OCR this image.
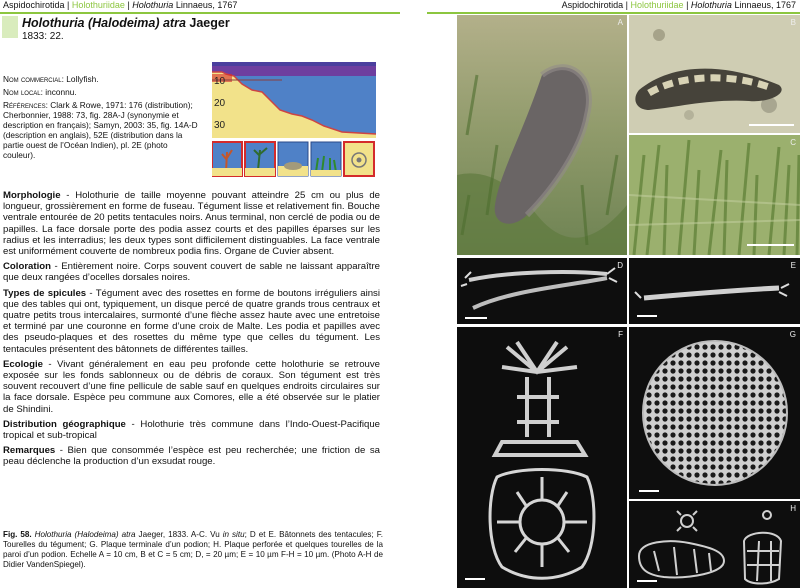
Aspidochirotida | Holothuriidae | Holothuria Linnaeus, 1767
Holothuria (Halodeima) atra Jaeger
1833: 22.

Nom commercial: Lollyfish.

Nom local: inconnu.

Références: Clark & Rowe, 1971: 176 (distribution); Cherbonnier, 1988: 73, fig. 28A-J (synonymie et description en français); Samyn, 2003: 35, fig. 14A-D (description en anglais), 52E (distribution dans la partie ouest de l’Océan Indien), pl. 2E (photo couleur).

10
20
30

Morphologie - Holothurie de taille moyenne pouvant atteindre 25 cm ou plus de longueur, grossièrement en forme de fuseau. Tégument lisse et relativement fin. Bouche ventrale entourée de 20 petits tentacules noirs. Anus terminal, non cerclé de podia ou de papilles. La face dorsale porte des podia assez courts et des papilles éparses sur les radius et les interradius; les deux types sont difficilement distinguables. La face ventrale est uniformément couverte de nombreux podia fins. Organe de Cuvier absent.

Coloration - Entièrement noire. Corps souvent couvert de sable ne laissant apparaître que deux rangées d’ocelles dorsales noires.

Types de spicules - Tégument avec des rosettes en forme de boutons irréguliers ainsi que des tables qui ont, typiquement, un disque percé de quatre grands trous centraux et quatre petits trous intercalaires, surmonté d’une flèche assez haute avec une entretoise et terminé par une couronne en forme d’une croix de Malte. Les podia et papilles avec des pseudo-plaques et des rosettes du même type que celles du tégument. Les tentacules présentent des bâtonnets de différentes tailles.

Ecologie - Vivant généralement en eau peu profonde cette holothurie se retrouve exposée sur les fonds sablonneux ou de débris de coraux. Son tégument est très souvent recouvert d’une fine pellicule de sable sauf en quelques endroits circulaires sur la face dorsale. Espèce peu commune aux Comores, elle a été observée sur le platier de Shindini.

Distribution géographique - Holothurie très commune dans l’Indo-Ouest-Pacifique tropical et sub-tropical

Remarques - Bien que consommée l’espèce est peu recherchée; une friction de sa peau déclenche la production d’un exsudat rouge.

Fig. 58. Holothuria (Halodeima) atra Jaeger, 1833. A-C. Vu in situ; D et E. Bâtonnets des tentacules; F. Tourelles du tégument; G. Plaque terminale d’un podion; H. Plaque perforée et quelques tourelles de la paroi d’un podion. Echelle A = 10 cm, B et C = 5 cm; D, = 20 µm; E = 10 µm F-H = 10 µm. (Photo A-H de Didier VandenSpiegel).
Aspidochirotida | Holothuriidae | Holothuria Linnaeus, 1767
A	B
C
D	E
F	G
H
